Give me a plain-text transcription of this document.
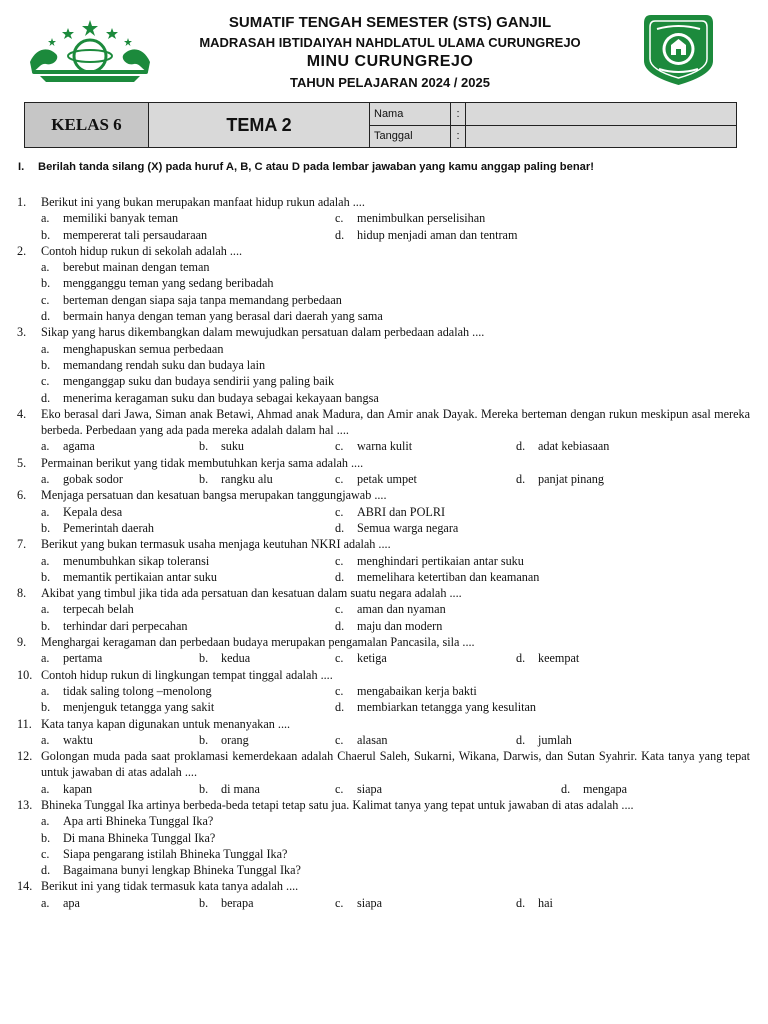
SUMATIF TENGAH SEMESTER (STS) GANJIL
MADRASAH IBTIDAIYAH NAHDLATUL ULAMA CURUNGREJO
MINU CURUNGREJO
TAHUN PELAJARAN 2024 / 2025
KELAS 6	TEMA 2	Nama	:	
		Tanggal	:	
I. Berilah tanda silang (X) pada huruf A, B, C atau D pada lembar jawaban yang kamu anggap paling benar!
1.	Berikut ini yang bukan merupakan manfaat hidup rukun adalah ....
a.	memiliki banyak teman	c.	menimbulkan perselisihan
b.	mempererat tali persaudaraan	d.	hidup menjadi aman dan tentram
2.	Contoh hidup rukun di sekolah adalah ....
a.	berebut mainan dengan teman
b.	mengganggu teman yang sedang beribadah
c.	berteman dengan siapa saja tanpa memandang perbedaan
d.	bermain hanya dengan teman yang berasal dari daerah yang sama
3.	Sikap yang harus dikembangkan dalam mewujudkan persatuan dalam perbedaan adalah ....
a.	menghapuskan semua perbedaan
b.	memandang rendah suku dan budaya lain
c.	menganggap suku dan budaya sendirii yang paling baik
d.	menerima keragaman suku dan budaya sebagai kekayaan bangsa
4.	Eko berasal dari Jawa, Siman anak Betawi, Ahmad anak Madura, dan Amir anak Dayak. Mereka berteman dengan rukun meskipun asal mereka berbeda. Perbedaan yang ada pada mereka adalah dalam hal ....
a.	agama	b.	suku	c.	warna kulit	d.	adat kebiasaan
5.	Permainan berikut yang tidak membutuhkan kerja sama adalah ....
a.	gobak sodor	b.	rangku alu	c.	petak umpet	d.	panjat pinang
6.	Menjaga persatuan dan kesatuan bangsa merupakan tanggungjawab ....
a.	Kepala desa	c.	ABRI dan POLRI
b.	Pemerintah daerah	d.	Semua warga negara
7.	Berikut yang bukan termasuk usaha menjaga keutuhan NKRI adalah ....
a.	menumbuhkan sikap toleransi	c.	menghindari pertikaian antar suku
b.	memantik pertikaian antar suku	d.	memelihara ketertiban dan keamanan
8.	Akibat yang timbul jika tida ada persatuan dan kesatuan dalam suatu negara adalah ....
a.	terpecah belah	c.	aman dan nyaman
b.	terhindar dari perpecahan	d.	maju dan modern
9.	Menghargai keragaman dan perbedaan budaya merupakan pengamalan Pancasila, sila ....
a.	pertama	b.	kedua	c.	ketiga	d.	keempat
10. Contoh hidup rukun di lingkungan tempat tinggal adalah ....
a.	tidak saling tolong –menolong	c.	mengabaikan kerja bakti
b.	menjenguk tetangga yang sakit	d.	membiarkan tetangga yang kesulitan
11. Kata tanya kapan digunakan untuk menanyakan ....
a.	waktu	b.	orang	c.	alasan	d.	jumlah
12. Golongan muda pada saat proklamasi kemerdekaan adalah Chaerul Saleh, Sukarni, Wikana, Darwis, dan Sutan Syahrir. Kata tanya yang tepat untuk jawaban di atas adalah ....
a.	kapan	b.	di mana	c.	siapa	d.	mengapa
13. Bhineka Tunggal Ika artinya berbeda-beda tetapi tetap satu jua. Kalimat tanya yang tepat untuk jawaban di atas adalah ....
a.	Apa arti Bhineka Tunggal Ika?
b.	Di mana Bhineka Tunggal Ika?
c.	Siapa pengarang istilah Bhineka Tunggal Ika?
d.	Bagaimana bunyi lengkap Bhineka Tunggal Ika?
14. Berikut ini yang tidak termasuk kata tanya adalah ....
a.	apa	b.	berapa	c.	siapa	d.	hai
